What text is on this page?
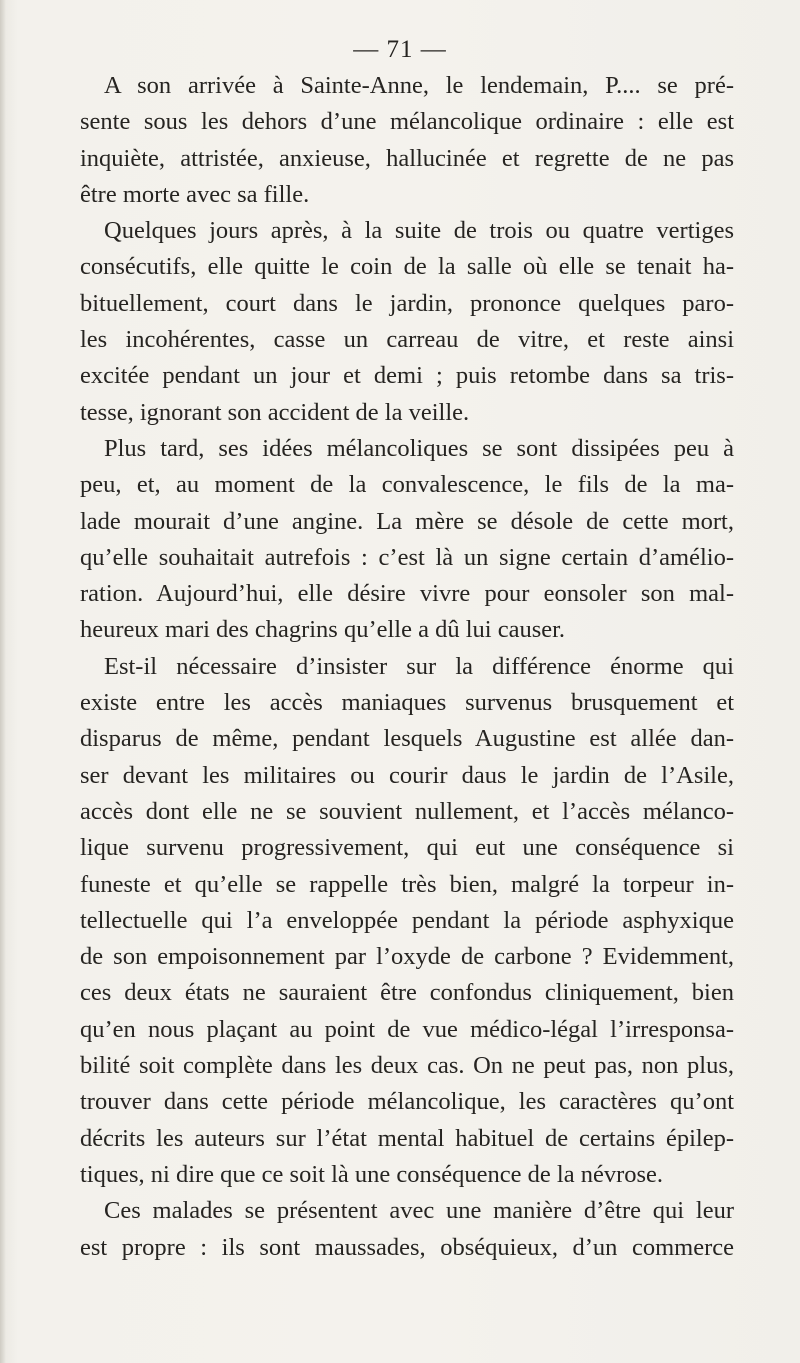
— 71 —
A son arrivée à Sainte-Anne, le lendemain, P.... se pré-
sente sous les dehors d’une mélancolique ordinaire : elle est
inquiète, attristée, anxieuse, hallucinée et regrette de ne pas
être morte avec sa fille.
Quelques jours après, à la suite de trois ou quatre vertiges
consécutifs, elle quitte le coin de la salle où elle se tenait ha-
bituellement, court dans le jardin, prononce quelques paro-
les incohérentes, casse un carreau de vitre, et reste ainsi
excitée pendant un jour et demi ; puis retombe dans sa tris-
tesse, ignorant son accident de la veille.
Plus tard, ses idées mélancoliques se sont dissipées peu à
peu, et, au moment de la convalescence, le fils de la ma-
lade mourait d’une angine. La mère se désole de cette mort,
qu’elle souhaitait autrefois : c’est là un signe certain d’amélio-
ration. Aujourd’hui, elle désire vivre pour eonsoler son mal-
heureux mari des chagrins qu’elle a dû lui causer.
Est-il nécessaire d’insister sur la différence énorme qui
existe entre les accès maniaques survenus brusquement et
disparus de même, pendant lesquels Augustine est allée dan-
ser devant les militaires ou courir daus le jardin de l’Asile,
accès dont elle ne se souvient nullement, et l’accès mélanco-
lique survenu progressivement, qui eut une conséquence si
funeste et qu’elle se rappelle très bien, malgré la torpeur in-
tellectuelle qui l’a enveloppée pendant la période asphyxique
de son empoisonnement par l’oxyde de carbone ? Evidemment,
ces deux états ne sauraient être confondus cliniquement, bien
qu’en nous plaçant au point de vue médico-légal l’irresponsa-
bilité soit complète dans les deux cas. On ne peut pas, non plus,
trouver dans cette période mélancolique, les caractères qu’ont
décrits les auteurs sur l’état mental habituel de certains épilep-
tiques, ni dire que ce soit là une conséquence de la névrose.
Ces malades se présentent avec une manière d’être qui leur
est propre : ils sont maussades, obséquieux, d’un commerce
